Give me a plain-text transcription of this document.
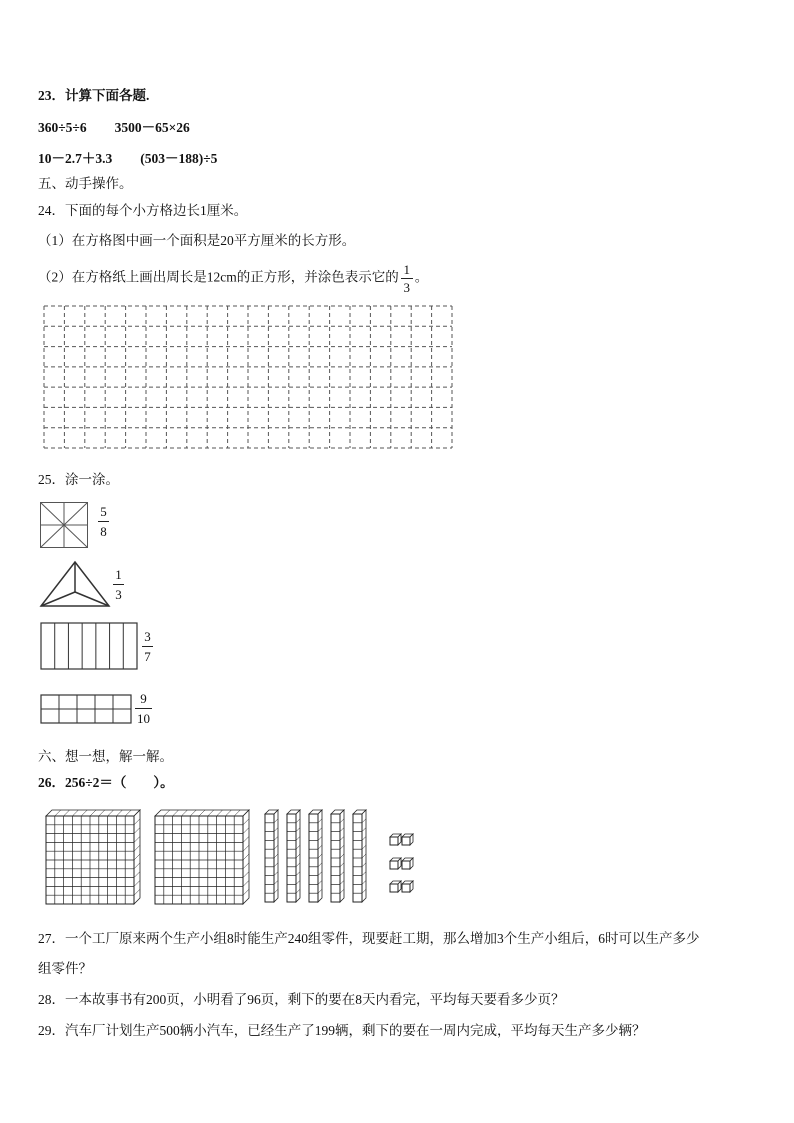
23．计算下面各题.
360÷5÷6 3500－65×26
10－2.7＋3.3 (503－188)÷5
五、动手操作。
24．下面的每个小方格边长1厘米。
（1）在方格图中画一个面积是20平方厘米的长方形。
（2）在方格纸上画出周长是12cm的正方形，并涂色表示它的 $\frac{1}{3}$ 。
25．涂一涂。
5
8
1
3
3
7
9
10
六、想一想，解一解。
26．256÷2＝（　　）。
27．一个工厂原来两个生产小组8时能生产240组零件，现要赶工期，那么增加3个生产小组后，6时可以生产多少
组零件？
28．一本故事书有200页，小明看了96页，剩下的要在8天内看完，平均每天要看多少页？
29．汽车厂计划生产500辆小汽车，已经生产了199辆，剩下的要在一周内完成，平均每天生产多少辆？
